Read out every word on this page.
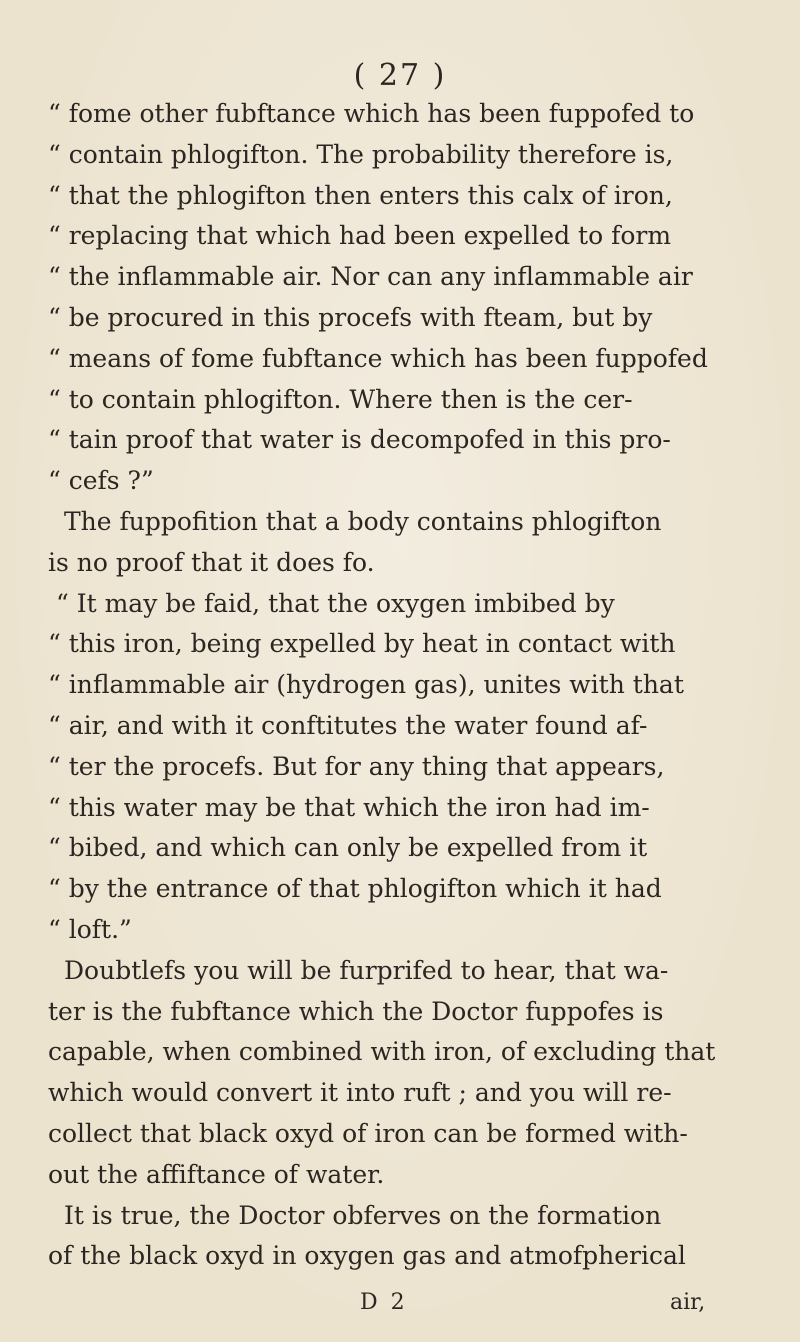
( 27 )
“ fome other fubftance which has been fuppofed to
“ contain phlogifton. The probability therefore is,
“ that the phlogifton then enters this calx of iron,
“ replacing that which had been expelled to form
“ the inflammable air. Nor can any inflammable air
“ be procured in this procefs with fteam, but by
“ means of fome fubftance which has been fuppofed
“ to contain phlogifton. Where then is the cer-
“ tain proof that water is decompofed in this pro-
“ cefs ?”
The fuppofition that a body contains phlogifton
is no proof that it does fo.
“ It may be faid, that the oxygen imbibed by
“ this iron, being expelled by heat in contact with
“ inflammable air (hydrogen gas), unites with that
“ air, and with it conftitutes the water found af-
“ ter the procefs. But for any thing that appears,
“ this water may be that which the iron had im-
“ bibed, and which can only be expelled from it
“ by the entrance of that phlogifton which it had
“ loft.”
Doubtlefs you will be furprifed to hear, that wa-
ter is the fubftance which the Doctor fuppofes is
capable, when combined with iron, of excluding that
which would convert it into ruft ; and you will re-
collect that black oxyd of iron can be formed with-
out the affiftance of water.
It is true, the Doctor obferves on the formation
of the black oxyd in oxygen gas and atmofpherical
D 2	air,
